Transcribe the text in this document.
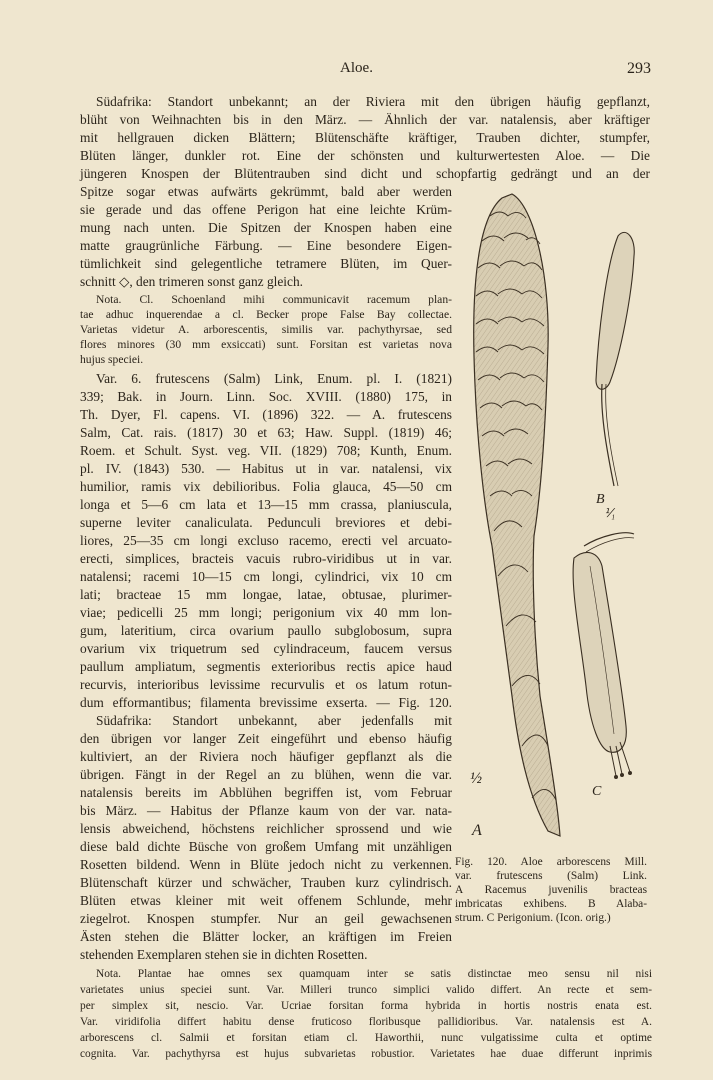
Aloe.	293
Südafrika: Standort unbekannt; an der Riviera mit den übrigen häufig gepflanzt,
blüht von Weihnachten bis in den März. — Ähnlich der var. natalensis, aber kräftiger
mit hellgrauen dicken Blättern; Blütenschäfte kräftiger, Trauben dichter, stumpfer,
Blüten länger, dunkler rot. Eine der schönsten und kulturwertesten Aloe. — Die
jüngeren Knospen der Blütentrauben sind dicht und schopfartig gedrängt und an der
Spitze sogar etwas aufwärts gekrümmt, bald aber werden
sie gerade und das offene Perigon hat eine leichte Krüm-
mung nach unten. Die Spitzen der Knospen haben eine
matte graugrünliche Färbung. — Eine besondere Eigen-
tümlichkeit sind gelegentliche tetramere Blüten, im Quer-
schnitt ◇, den trimeren sonst ganz gleich.
Nota. Cl. Schoenland mihi communicavit racemum plan-
tae adhuc inquerendae a cl. Becker prope False Bay collectae.
Varietas videtur A. arborescentis, similis var. pachythyrsae, sed
flores minores (30 mm exsiccati) sunt. Forsitan est varietas nova
hujus speciei.
Var. 6. frutescens (Salm) Link, Enum. pl. I. (1821)
339; Bak. in Journ. Linn. Soc. XVIII. (1880) 175, in
Th. Dyer, Fl. capens. VI. (1896) 322. — A. frutescens
Salm, Cat. rais. (1817) 30 et 63; Haw. Suppl. (1819) 46;
Roem. et Schult. Syst. veg. VII. (1829) 708; Kunth, Enum.
pl. IV. (1843) 530. — Habitus ut in var. natalensi, vix
humilior, ramis vix debilioribus. Folia glauca, 45—50 cm
longa et 5—6 cm lata et 13—15 mm crassa, planiuscula,
superne leviter canaliculata. Pedunculi breviores et debi-
liores, 25—35 cm longi excluso racemo, erecti vel arcuato-
erecti, simplices, bracteis vacuis rubro-viridibus ut in var.
natalensi; racemi 10—15 cm longi, cylindrici, vix 10 cm
lati; bracteae 15 mm longae, latae, obtusae, plurimer-
viae; pedicelli 25 mm longi; perigonium vix 40 mm lon-
gum, lateritium, circa ovarium paullo subglobosum, supra
ovarium vix triquetrum sed cylindraceum, faucem versus
paullum ampliatum, segmentis exterioribus rectis apice haud
recurvis, interioribus levissime recurvulis et os latum rotun-
dum efformantibus; filamenta brevissime exserta. — Fig. 120.
Südafrika: Standort unbekannt, aber jedenfalls mit
den übrigen vor langer Zeit eingeführt und ebenso häufig
kultiviert, an der Riviera noch häufiger gepflanzt als die
übrigen. Fängt in der Regel an zu blühen, wenn die var.
natalensis bereits im Abblühen begriffen ist, vom Februar
bis März. — Habitus der Pflanze kaum von der var. nata-
lensis abweichend, höchstens reichlicher sprossend und wie
diese bald dichte Büsche von großem Umfang mit unzähligen
Rosetten bildend. Wenn in Blüte jedoch nicht zu verkennen.
Blütenschaft kürzer und schwächer, Trauben kurz cylindrisch.
Blüten etwas kleiner mit weit offenem Schlunde, mehr
ziegelrot. Knospen stumpfer. Nur an geil gewachsenen
Ästen stehen die Blätter locker, an kräftigen im Freien
stehenden Exemplaren stehen sie in dichten Rosetten.
Nota. Plantae hae omnes sex quamquam inter se satis distinctae meo sensu nil nisi
varietates unius speciei sunt. Var. Milleri trunco simplici valido differt. An recte et sem-
per simplex sit, nescio. Var. Ucriae forsitan forma hybrida in hortis nostris enata est.
Var. viridifolia differt habitu dense fruticoso floribusque pallidioribus. Var. natalensis est A.
arborescens cl. Salmii et forsitan etiam cl. Haworthii, nunc vulgatissime culta et optime
cognita. Var. pachythyrsa est hujus subvarietas robustior. Varietates hae duae differunt inprimis
B
⅟₁
½
C
A
Fig. 120. Aloe arborescens Mill.
var. frutescens (Salm) Link.
A Racemus juvenilis bracteas
imbricatas exhibens. B Alaba-
strum. C Perigonium. (Icon. orig.)
